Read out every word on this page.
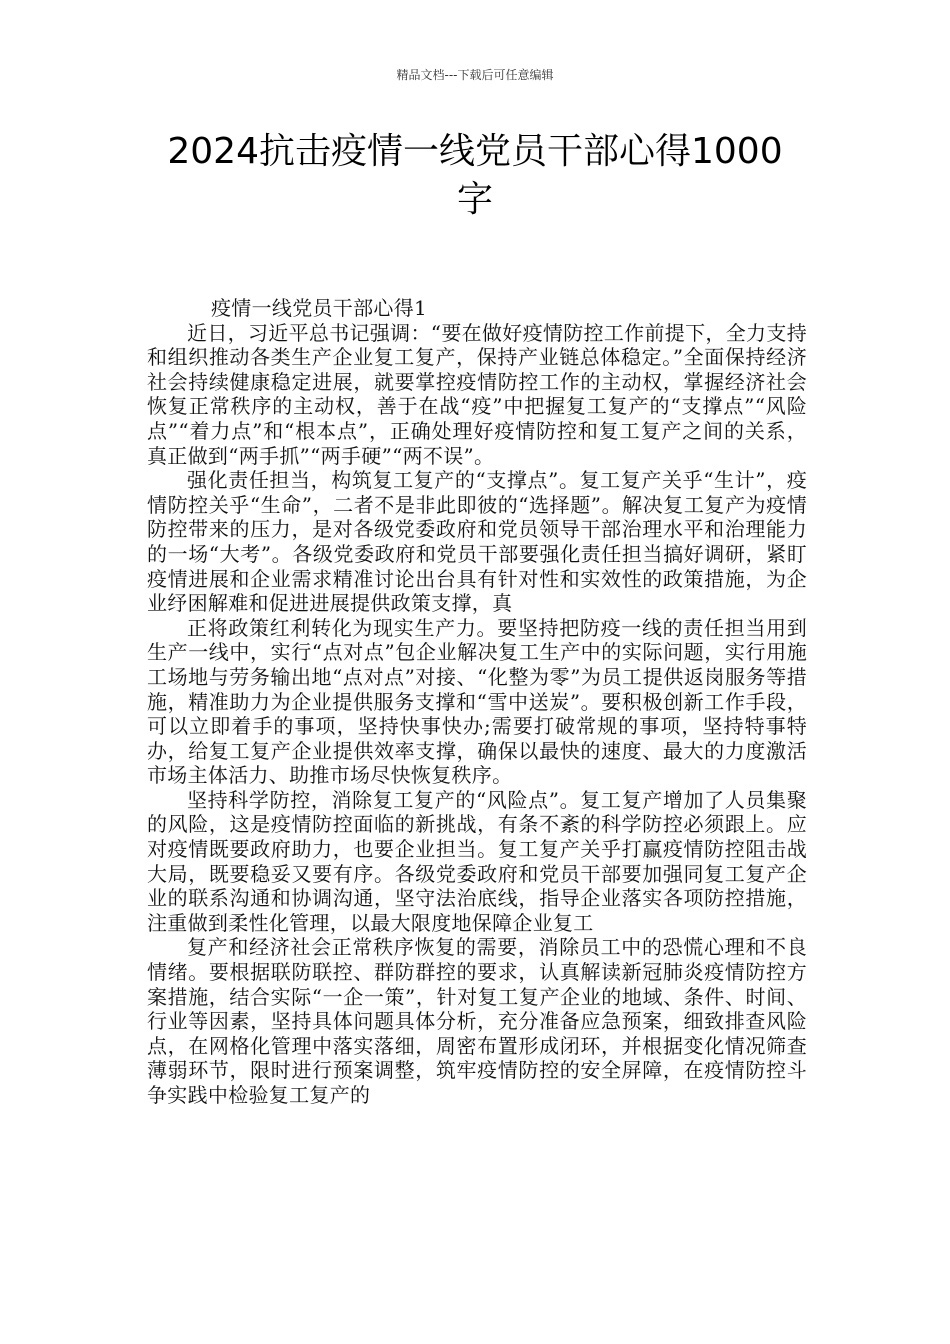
精品文档---下载后可任意编辑
2024抗击疫情一线党员干部心得1000字

疫情一线党员干部心得1

近日，习近平总书记强调：“要在做好疫情防控工作前提下，全力支持和组织推动各类生产企业复工复产，保持产业链总体稳定。”全面保持经济社会持续健康稳定进展，就要掌控疫情防控工作的主动权，掌握经济社会恢复正常秩序的主动权，善于在战“疫”中把握复工复产的“支撑点”“风险点”“着力点”和“根本点”，正确处理好疫情防控和复工复产之间的关系，真正做到“两手抓”“两手硬”“两不误”。

强化责任担当，构筑复工复产的“支撑点”。复工复产关乎“生计”，疫情防控关乎“生命”，二者不是非此即彼的“选择题”。解决复工复产为疫情防控带来的压力，是对各级党委政府和党员领导干部治理水平和治理能力的一场“大考”。各级党委政府和党员干部要强化责任担当搞好调研，紧盯疫情进展和企业需求精准讨论出台具有针对性和实效性的政策措施，为企业纾困解难和促进进展提供政策支撑，真

正将政策红利转化为现实生产力。要坚持把防疫一线的责任担当用到生产一线中，实行“点对点”包企业解决复工生产中的实际问题，实行用施工场地与劳务输出地“点对点”对接、“化整为零”为员工提供返岗服务等措施，精准助力为企业提供服务支撑和“雪中送炭”。要积极创新工作手段，可以立即着手的事项，坚持快事快办;需要打破常规的事项，坚持特事特办，给复工复产企业提供效率支撑，确保以最快的速度、最大的力度激活市场主体活力、助推市场尽快恢复秩序。

坚持科学防控，消除复工复产的“风险点”。复工复产增加了人员集聚的风险，这是疫情防控面临的新挑战，有条不紊的科学防控必须跟上。应对疫情既要政府助力，也要企业担当。复工复产关乎打赢疫情防控阻击战大局，既要稳妥又要有序。各级党委政府和党员干部要加强同复工复产企业的联系沟通和协调沟通，坚守法治底线，指导企业落实各项防控措施，注重做到柔性化管理，以最大限度地保障企业复工

复产和经济社会正常秩序恢复的需要，消除员工中的恐慌心理和不良情绪。要根据联防联控、群防群控的要求，认真解读新冠肺炎疫情防控方案措施，结合实际“一企一策”，针对复工复产企业的地域、条件、时间、行业等因素，坚持具体问题具体分析，充分准备应急预案，细致排查风险点，在网格化管理中落实落细，周密布置形成闭环，并根据变化情况筛查薄弱环节，限时进行预案调整，筑牢疫情防控的安全屏障，在疫情防控斗争实践中检验复工复产的
